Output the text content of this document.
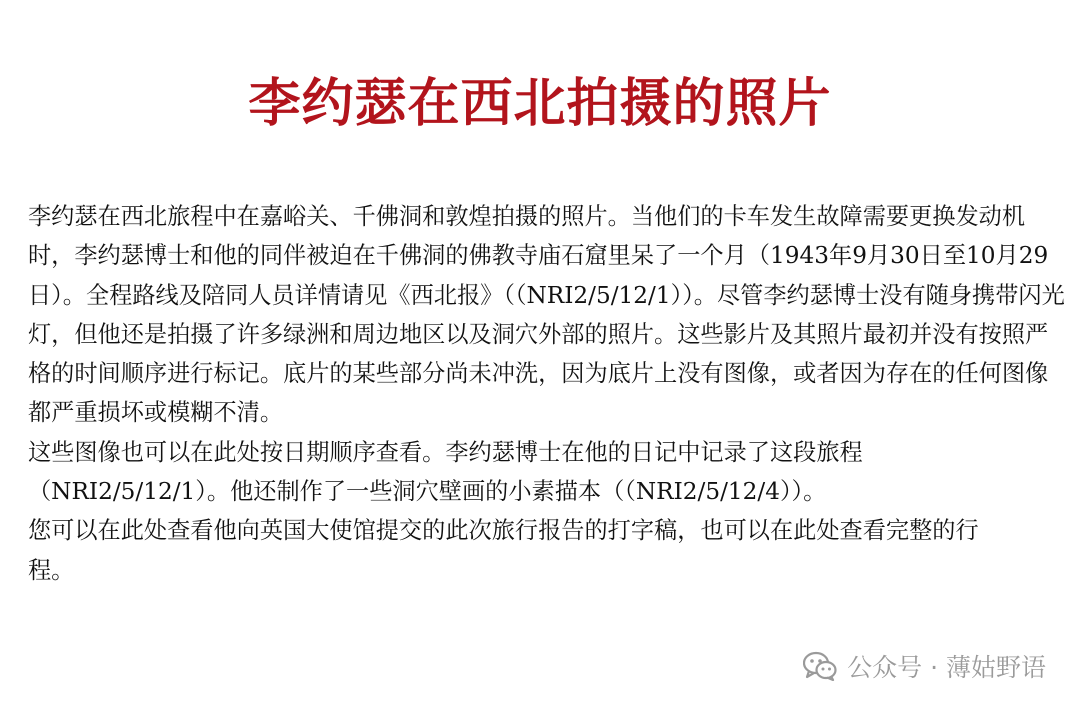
李约瑟在西北拍摄的照片

李约瑟在西北旅程中在嘉峪关、千佛洞和敦煌拍摄的照片。当他们的卡车发生故障需要更换发动机时，李约瑟博士和他的同伴被迫在千佛洞的佛教寺庙石窟里呆了一个月（1943年9月30日至10月29日）。全程路线及陪同人员详情请见《西北报》（（NRI2/5/12/1））。尽管李约瑟博士没有随身携带闪光灯，但他还是拍摄了许多绿洲和周边地区以及洞穴外部的照片。这些影片及其照片最初并没有按照严格的时间顺序进行标记。底片的某些部分尚未冲洗，因为底片上没有图像，或者因为存在的任何图像都严重损坏或模糊不清。

这些图像也可以在此处按日期顺序查看。李约瑟博士在他的日记中记录了这段旅程（NRI2/5/12/1）。他还制作了一些洞穴壁画的小素描本（（NRI2/5/12/4））。

您可以在此处查看他向英国大使馆提交的此次旅行报告的打字稿，也可以在此处查看完整的行程。

公众号 · 薄姑野语
